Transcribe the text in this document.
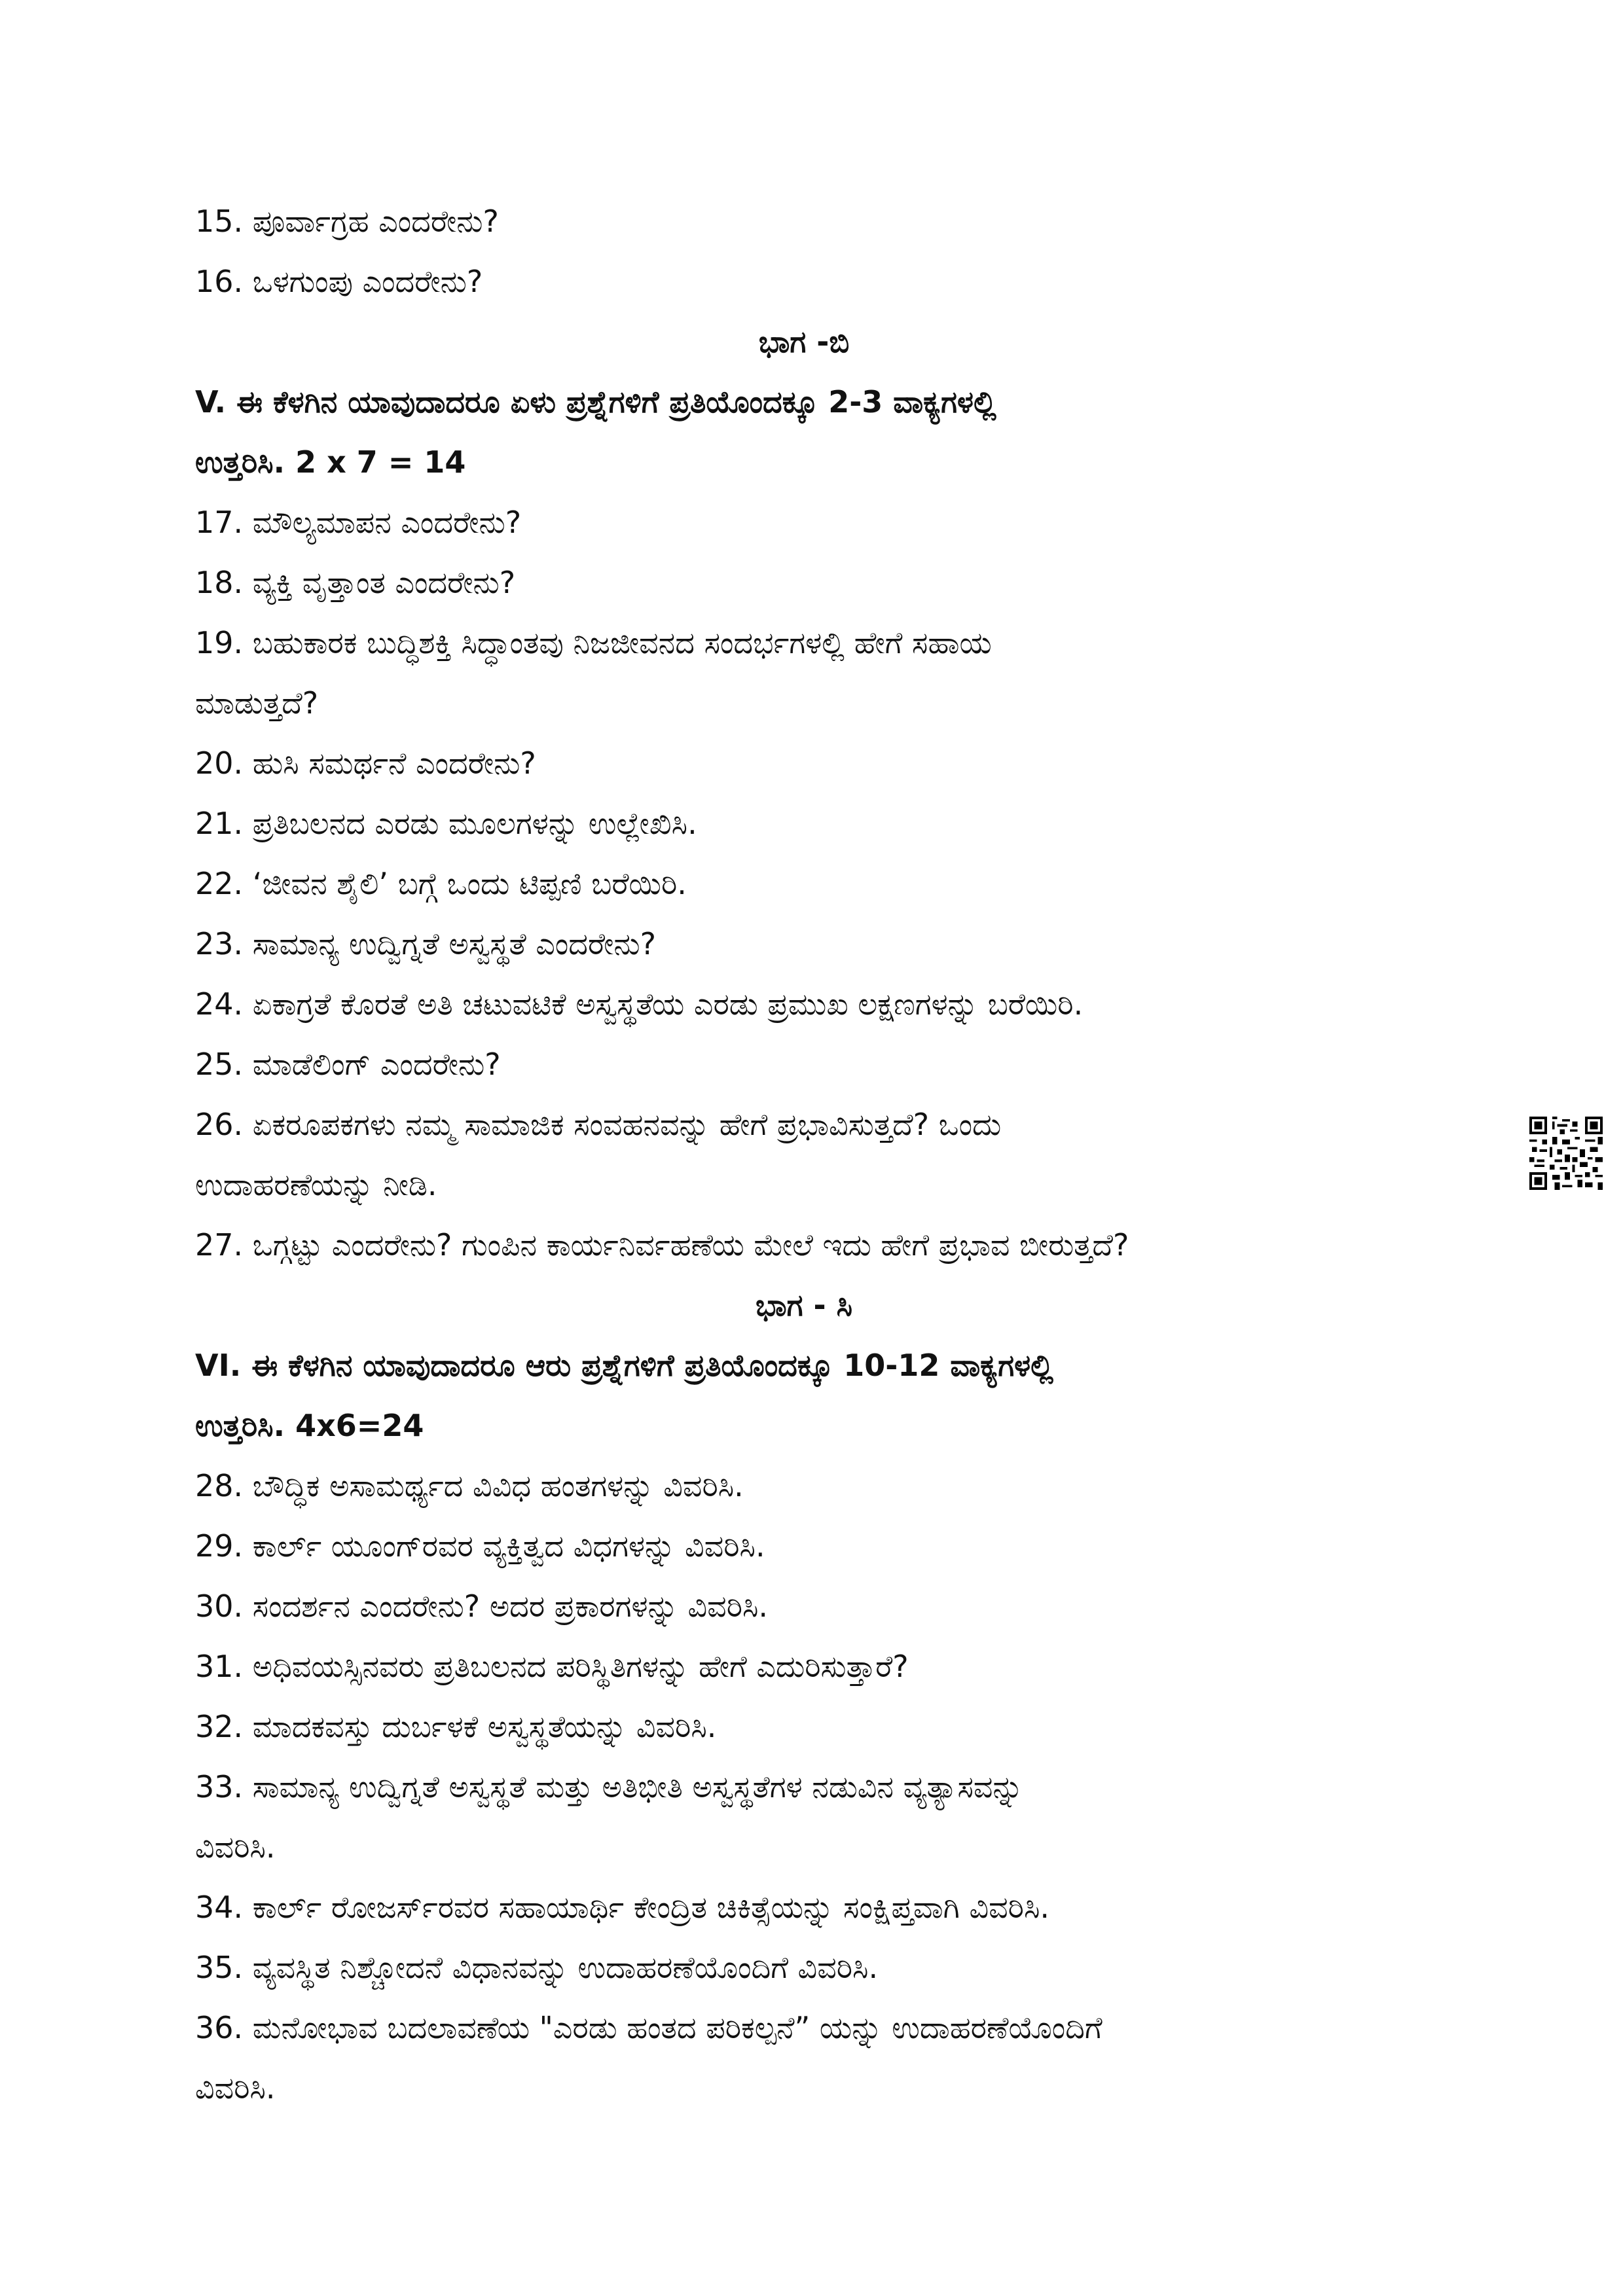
15. ಪೂರ್ವಾಗ್ರಹ ಎಂದರೇನು?
16. ಒಳಗುಂಪು ಎಂದರೇನು?
ಭಾಗ -ಬಿ
V. ಈ ಕೆಳಗಿನ ಯಾವುದಾದರೂ ಏಳು ಪ್ರಶ್ನೆಗಳಿಗೆ ಪ್ರತಿಯೊಂದಕ್ಕೂ 2-3 ವಾಕ್ಯಗಳಲ್ಲಿ
ಉತ್ತರಿಸಿ. 2 x 7 = 14
17. ಮೌಲ್ಯಮಾಪನ ಎಂದರೇನು?
18. ವ್ಯಕ್ತಿ ವೃತ್ತಾಂತ ಎಂದರೇನು?
19. ಬಹುಕಾರಕ ಬುದ್ಧಿಶಕ್ತಿ ಸಿದ್ಧಾಂತವು ನಿಜಜೀವನದ ಸಂದರ್ಭಗಳಲ್ಲಿ ಹೇಗೆ ಸಹಾಯ
ಮಾಡುತ್ತದೆ?
20. ಹುಸಿ ಸಮರ್ಥನೆ ಎಂದರೇನು?
21. ಪ್ರತಿಬಲನದ ಎರಡು ಮೂಲಗಳನ್ನು ಉಲ್ಲೇಖಿಸಿ.
22. ‘ಜೀವನ ಶೈಲಿ’ ಬಗ್ಗೆ ಒಂದು ಟಿಪ್ಪಣಿ ಬರೆಯಿರಿ.
23. ಸಾಮಾನ್ಯ ಉದ್ವಿಗ್ನತೆ ಅಸ್ವಸ್ಥತೆ ಎಂದರೇನು?
24. ಏಕಾಗ್ರತೆ ಕೊರತೆ ಅತಿ ಚಟುವಟಿಕೆ ಅಸ್ವಸ್ಥತೆಯ ಎರಡು ಪ್ರಮುಖ ಲಕ್ಷಣಗಳನ್ನು ಬರೆಯಿರಿ.
25. ಮಾಡೆಲಿಂಗ್ ಎಂದರೇನು?
26. ಏಕರೂಪಕಗಳು ನಮ್ಮ ಸಾಮಾಜಿಕ ಸಂವಹನವನ್ನು ಹೇಗೆ ಪ್ರಭಾವಿಸುತ್ತದೆ? ಒಂದು
ಉದಾಹರಣೆಯನ್ನು ನೀಡಿ.
27. ಒಗ್ಗಟ್ಟು ಎಂದರೇನು? ಗುಂಪಿನ ಕಾರ್ಯನಿರ್ವಹಣೆಯ ಮೇಲೆ ಇದು ಹೇಗೆ ಪ್ರಭಾವ ಬೀರುತ್ತದೆ?
ಭಾಗ - ಸಿ
VI. ಈ ಕೆಳಗಿನ ಯಾವುದಾದರೂ ಆರು ಪ್ರಶ್ನೆಗಳಿಗೆ ಪ್ರತಿಯೊಂದಕ್ಕೂ 10-12 ವಾಕ್ಯಗಳಲ್ಲಿ
ಉತ್ತರಿಸಿ. 4x6=24
28. ಬೌದ್ಧಿಕ ಅಸಾಮರ್ಥ್ಯದ ವಿವಿಧ ಹಂತಗಳನ್ನು ವಿವರಿಸಿ.
29. ಕಾರ್ಲ್ ಯೂಂಗ್‌ರವರ ವ್ಯಕ್ತಿತ್ವದ ವಿಧಗಳನ್ನು ವಿವರಿಸಿ.
30. ಸಂದರ್ಶನ ಎಂದರೇನು? ಅದರ ಪ್ರಕಾರಗಳನ್ನು ವಿವರಿಸಿ.
31. ಅಧಿವಯಸ್ಸಿನವರು ಪ್ರತಿಬಲನದ ಪರಿಸ್ಥಿತಿಗಳನ್ನು ಹೇಗೆ ಎದುರಿಸುತ್ತಾರೆ?
32. ಮಾದಕವಸ್ತು ದುರ್ಬಳಕೆ ಅಸ್ವಸ್ಥತೆಯನ್ನು ವಿವರಿಸಿ.
33. ಸಾಮಾನ್ಯ ಉದ್ವಿಗ್ನತೆ ಅಸ್ವಸ್ಥತೆ ಮತ್ತು ಅತಿಭೀತಿ ಅಸ್ವಸ್ಥತೆಗಳ ನಡುವಿನ ವ್ಯತ್ಯಾಸವನ್ನು
ವಿವರಿಸಿ.
34. ಕಾರ್ಲ್ ರೋಜರ್ಸ್‌ರವರ ಸಹಾಯಾರ್ಥಿ ಕೇಂದ್ರಿತ ಚಿಕಿತ್ಸೆಯನ್ನು ಸಂಕ್ಷಿಪ್ತವಾಗಿ ವಿವರಿಸಿ.
35. ವ್ಯವಸ್ಥಿತ ನಿಶ್ಚೋದನೆ ವಿಧಾನವನ್ನು ಉದಾಹರಣೆಯೊಂದಿಗೆ ವಿವರಿಸಿ.
36. ಮನೋಭಾವ ಬದಲಾವಣೆಯ "ಎರಡು ಹಂತದ ಪರಿಕಲ್ಪನೆ” ಯನ್ನು ಉದಾಹರಣೆಯೊಂದಿಗೆ
ವಿವರಿಸಿ.
